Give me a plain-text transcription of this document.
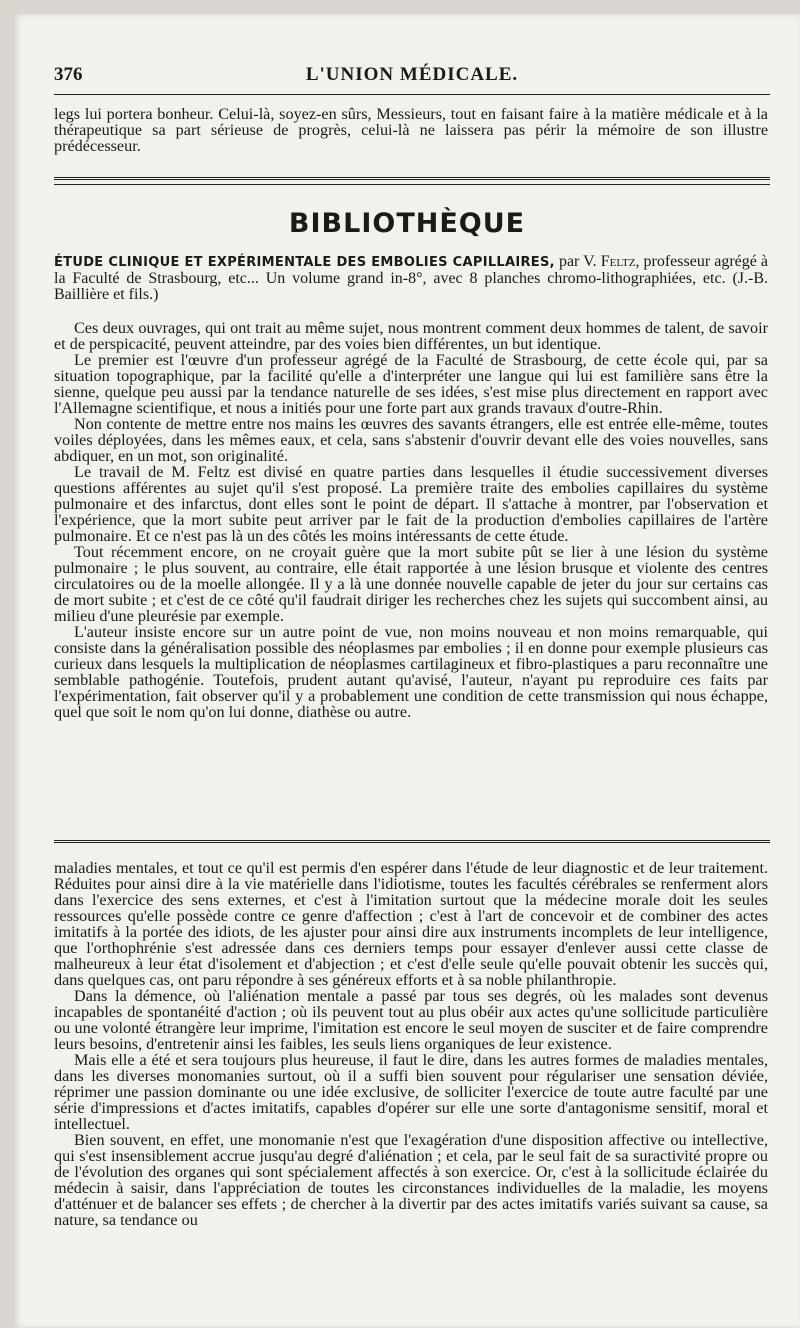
376	L'UNION MÉDICALE.

legs lui portera bonheur. Celui-là, soyez-en sûrs, Messieurs, tout en faisant faire à la matière médicale et à la thérapeutique sa part sérieuse de progrès, celui-là ne laissera pas périr la mémoire de son illustre prédécesseur.

BIBLIOTHÈQUE
ÉTUDE CLINIQUE ET EXPÉRIMENTALE DES EMBOLIES CAPILLAIRES, par V. Feltz, professeur agrégé à la Faculté de Strasbourg, etc... Un volume grand in-8°, avec 8 planches chromo-lithographiées, etc. (J.-B. Baillière et fils.)

Ces deux ouvrages, qui ont trait au même sujet, nous montrent comment deux hommes de talent, de savoir et de perspicacité, peuvent atteindre, par des voies bien différentes, un but identique.

Le premier est l'œuvre d'un professeur agrégé de la Faculté de Strasbourg, de cette école qui, par sa situation topographique, par la facilité qu'elle a d'interpréter une langue qui lui est familière sans être la sienne, quelque peu aussi par la tendance naturelle de ses idées, s'est mise plus directement en rapport avec l'Allemagne scientifique, et nous a initiés pour une forte part aux grands travaux d'outre-Rhin.

Non contente de mettre entre nos mains les œuvres des savants étrangers, elle est entrée elle-même, toutes voiles déployées, dans les mêmes eaux, et cela, sans s'abstenir d'ouvrir devant elle des voies nouvelles, sans abdiquer, en un mot, son originalité.

Le travail de M. Feltz est divisé en quatre parties dans lesquelles il étudie successivement diverses questions afférentes au sujet qu'il s'est proposé. La première traite des embolies capillaires du système pulmonaire et des infarctus, dont elles sont le point de départ. Il s'attache à montrer, par l'observation et l'expérience, que la mort subite peut arriver par le fait de la production d'embolies capillaires de l'artère pulmonaire. Et ce n'est pas là un des côtés les moins intéressants de cette étude.

Tout récemment encore, on ne croyait guère que la mort subite pût se lier à une lésion du système pulmonaire ; le plus souvent, au contraire, elle était rapportée à une lésion brusque et violente des centres circulatoires ou de la moelle allongée. Il y a là une donnée nouvelle capable de jeter du jour sur certains cas de mort subite ; et c'est de ce côté qu'il faudrait diriger les recherches chez les sujets qui succombent ainsi, au milieu d'une pleurésie par exemple.

L'auteur insiste encore sur un autre point de vue, non moins nouveau et non moins remarquable, qui consiste dans la généralisation possible des néoplasmes par embolies ; il en donne pour exemple plusieurs cas curieux dans lesquels la multiplication de néoplasmes cartilagineux et fibro-plastiques a paru reconnaître une semblable pathogénie. Toutefois, prudent autant qu'avisé, l'auteur, n'ayant pu reproduire ces faits par l'expérimentation, fait observer qu'il y a probablement une condition de cette transmission qui nous échappe, quel que soit le nom qu'on lui donne, diathèse ou autre.

maladies mentales, et tout ce qu'il est permis d'en espérer dans l'étude de leur diagnostic et de leur traitement. Réduites pour ainsi dire à la vie matérielle dans l'idiotisme, toutes les facultés cérébrales se renferment alors dans l'exercice des sens externes, et c'est à l'imitation surtout que la médecine morale doit les seules ressources qu'elle possède contre ce genre d'affection ; c'est à l'art de concevoir et de combiner des actes imitatifs à la portée des idiots, de les ajuster pour ainsi dire aux instruments incomplets de leur intelligence, que l'orthophrénie s'est adressée dans ces derniers temps pour essayer d'enlever aussi cette classe de malheureux à leur état d'isolement et d'abjection ; et c'est d'elle seule qu'elle pouvait obtenir les succès qui, dans quelques cas, ont paru répondre à ses généreux efforts et à sa noble philanthropie.

Dans la démence, où l'aliénation mentale a passé par tous ses degrés, où les malades sont devenus incapables de spontanéité d'action ; où ils peuvent tout au plus obéir aux actes qu'une sollicitude particulière ou une volonté étrangère leur imprime, l'imitation est encore le seul moyen de susciter et de faire comprendre leurs besoins, d'entretenir ainsi les faibles, les seuls liens organiques de leur existence.

Mais elle a été et sera toujours plus heureuse, il faut le dire, dans les autres formes de maladies mentales, dans les diverses monomanies surtout, où il a suffi bien souvent pour régulariser une sensation déviée, réprimer une passion dominante ou une idée exclusive, de solliciter l'exercice de toute autre faculté par une série d'impressions et d'actes imitatifs, capables d'opérer sur elle une sorte d'antagonisme sensitif, moral et intellectuel.

Bien souvent, en effet, une monomanie n'est que l'exagération d'une disposition affective ou intellective, qui s'est insensiblement accrue jusqu'au degré d'aliénation ; et cela, par le seul fait de sa suractivité propre ou de l'évolution des organes qui sont spécialement affectés à son exercice. Or, c'est à la sollicitude éclairée du médecin à saisir, dans l'appréciation de toutes les circonstances individuelles de la maladie, les moyens d'atténuer et de balancer ses effets ; de chercher à la divertir par des actes imitatifs variés suivant sa cause, sa nature, sa tendance ou
